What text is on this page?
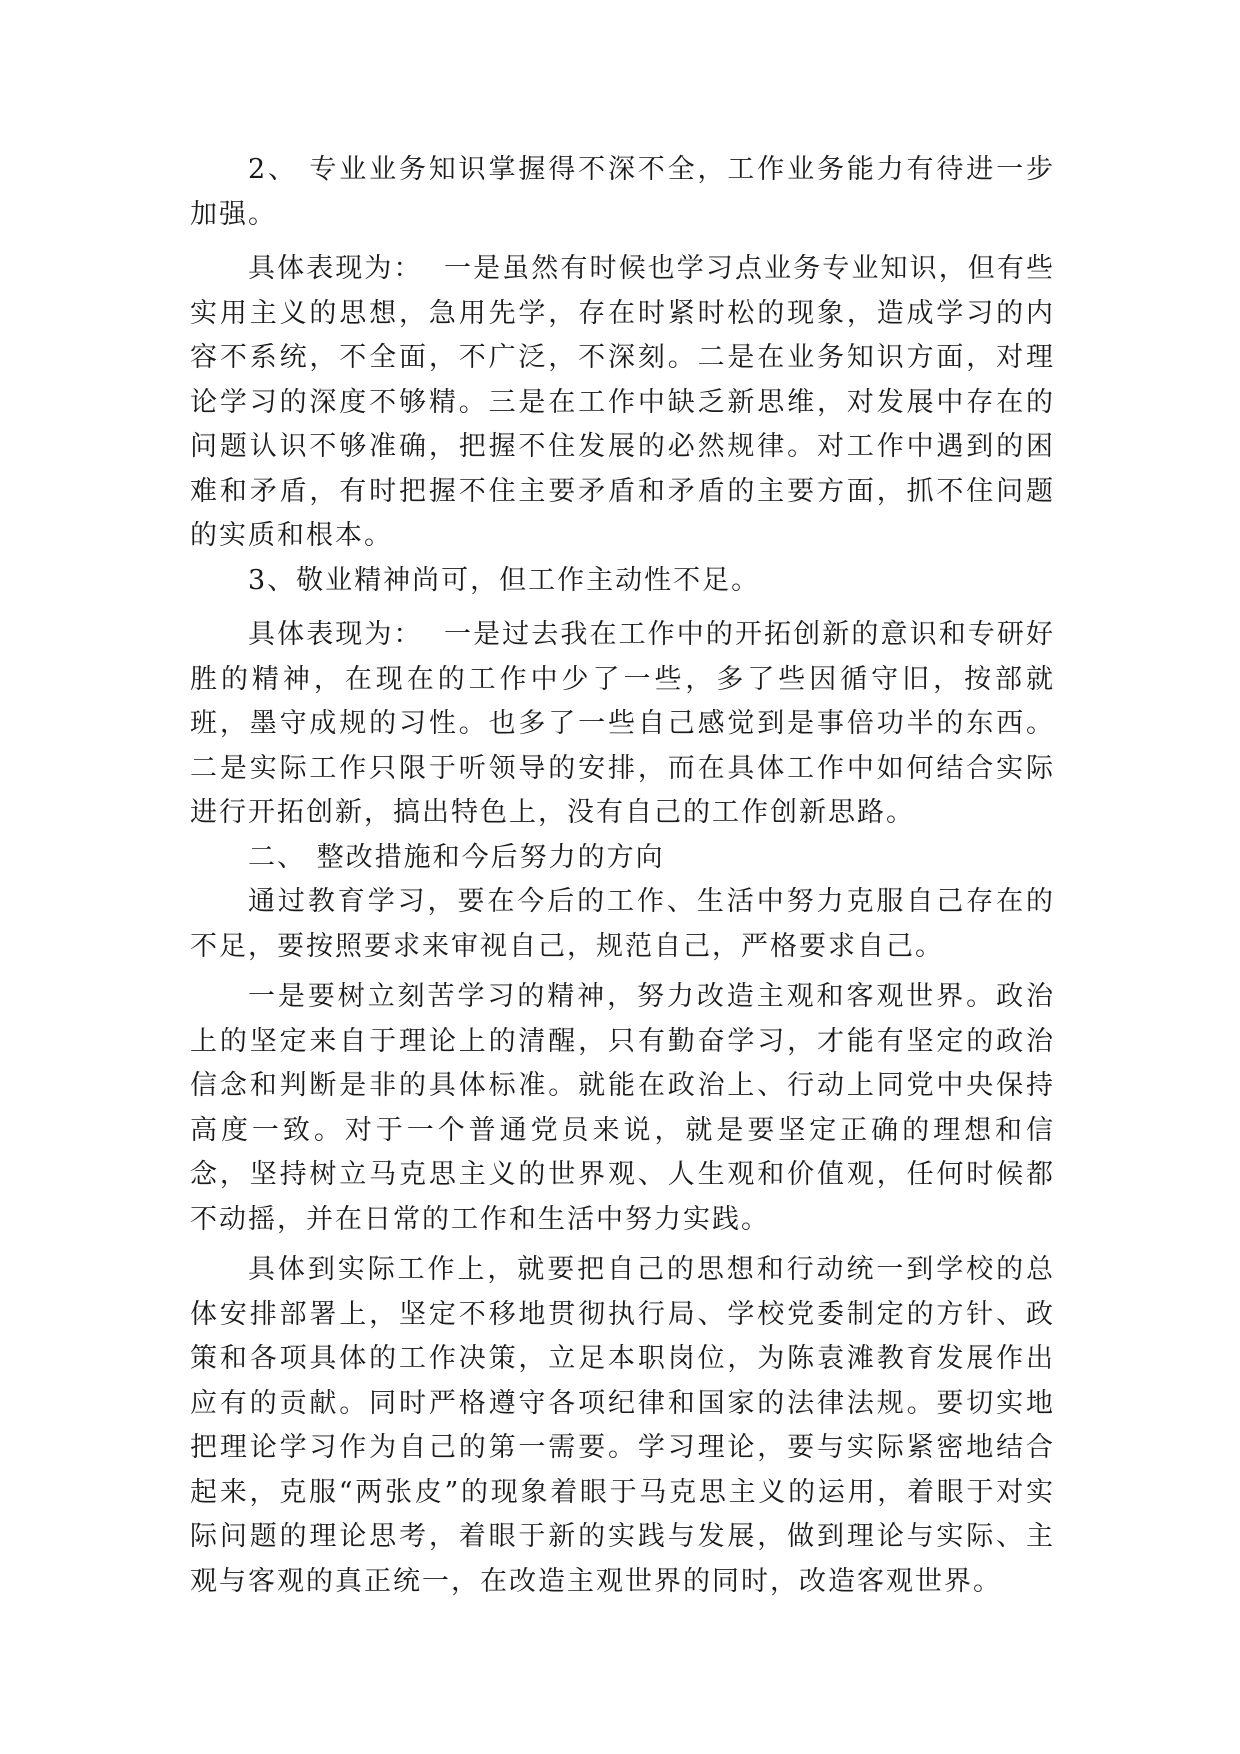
2、 专业业务知识掌握得不深不全，工作业务能力有待进一步加强。

具体表现为：  一是虽然有时候也学习点业务专业知识，但有些实用主义的思想，急用先学，存在时紧时松的现象，造成学习的内容不系统，不全面，不广泛，不深刻。二是在业务知识方面，对理论学习的深度不够精。三是在工作中缺乏新思维，对发展中存在的问题认识不够准确，把握不住发展的必然规律。对工作中遇到的困难和矛盾，有时把握不住主要矛盾和矛盾的主要方面，抓不住问题的实质和根本。

3、敬业精神尚可，但工作主动性不足。

具体表现为：  一是过去我在工作中的开拓创新的意识和专研好胜的精神，在现在的工作中少了一些，多了些因循守旧，按部就班，墨守成规的习性。也多了一些自己感觉到是事倍功半的东西。二是实际工作只限于听领导的安排，而在具体工作中如何结合实际进行开拓创新，搞出特色上，没有自己的工作创新思路。

二、 整改措施和今后努力的方向

通过教育学习，要在今后的工作、生活中努力克服自己存在的不足，要按照要求来审视自己，规范自己，严格要求自己。

一是要树立刻苦学习的精神，努力改造主观和客观世界。政治上的坚定来自于理论上的清醒，只有勤奋学习，才能有坚定的政治信念和判断是非的具体标准。就能在政治上、行动上同党中央保持高度一致。对于一个普通党员来说，就是要坚定正确的理想和信念，坚持树立马克思主义的世界观、人生观和价值观，任何时候都不动摇，并在日常的工作和生活中努力实践。

具体到实际工作上，就要把自己的思想和行动统一到学校的总体安排部署上，坚定不移地贯彻执行局、学校党委制定的方针、政策和各项具体的工作决策，立足本职岗位，为陈袁滩教育发展作出应有的贡献。同时严格遵守各项纪律和国家的法律法规。要切实地把理论学习作为自己的第一需要。学习理论，要与实际紧密地结合起来，克服“两张皮”的现象着眼于马克思主义的运用，着眼于对实际问题的理论思考，着眼于新的实践与发展，做到理论与实际、主观与客观的真正统一，在改造主观世界的同时，改造客观世界。
